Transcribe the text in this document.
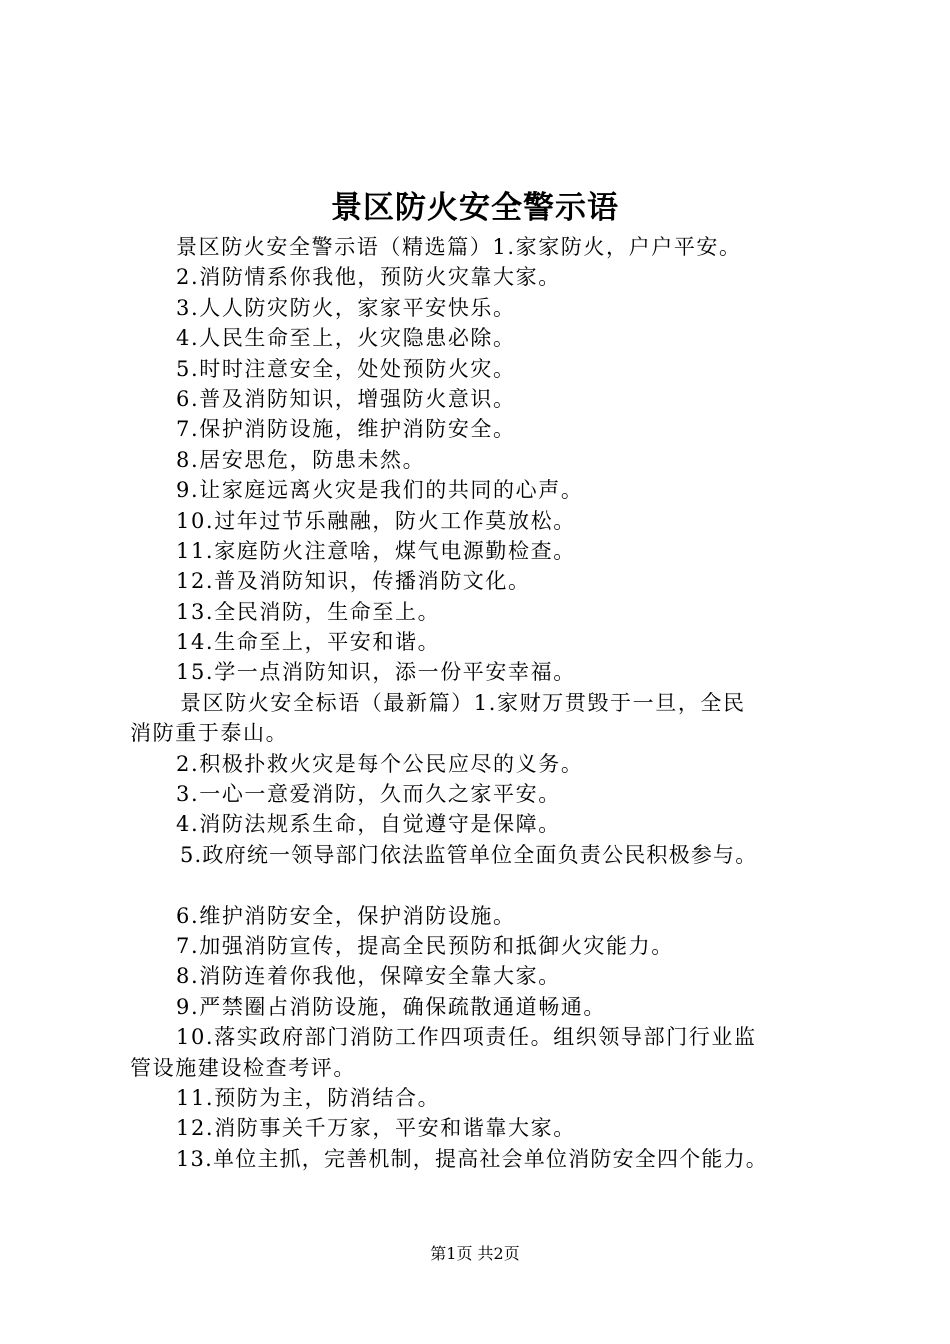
景区防火安全警示语
景区防火安全警示语（精选篇）1.家家防火，户户平安。
2.消防情系你我他，预防火灾靠大家。
3.人人防灾防火，家家平安快乐。
4.人民生命至上，火灾隐患必除。
5.时时注意安全，处处预防火灾。
6.普及消防知识，增强防火意识。
7.保护消防设施，维护消防安全。
8.居安思危，防患未然。
9.让家庭远离火灾是我们的共同的心声。
10.过年过节乐融融，防火工作莫放松。
11.家庭防火注意啥，煤气电源勤检查。
12.普及消防知识，传播消防文化。
13.全民消防，生命至上。
14.生命至上，平安和谐。
15.学一点消防知识，添一份平安幸福。
景区防火安全标语（最新篇）1.家财万贯毁于一旦，全民
消防重于泰山。
2.积极扑救火灾是每个公民应尽的义务。
3.一心一意爱消防，久而久之家平安。
4.消防法规系生命，自觉遵守是保障。
5.政府统一领导部门依法监管单位全面负责公民积极参与。
6.维护消防安全，保护消防设施。
7.加强消防宣传，提高全民预防和抵御火灾能力。
8.消防连着你我他，保障安全靠大家。
9.严禁圈占消防设施，确保疏散通道畅通。
10.落实政府部门消防工作四项责任。组织领导部门行业监
管设施建设检查考评。
11.预防为主，防消结合。
12.消防事关千万家，平安和谐靠大家。
13.单位主抓，完善机制，提高社会单位消防安全四个能力。
第1页 共2页
